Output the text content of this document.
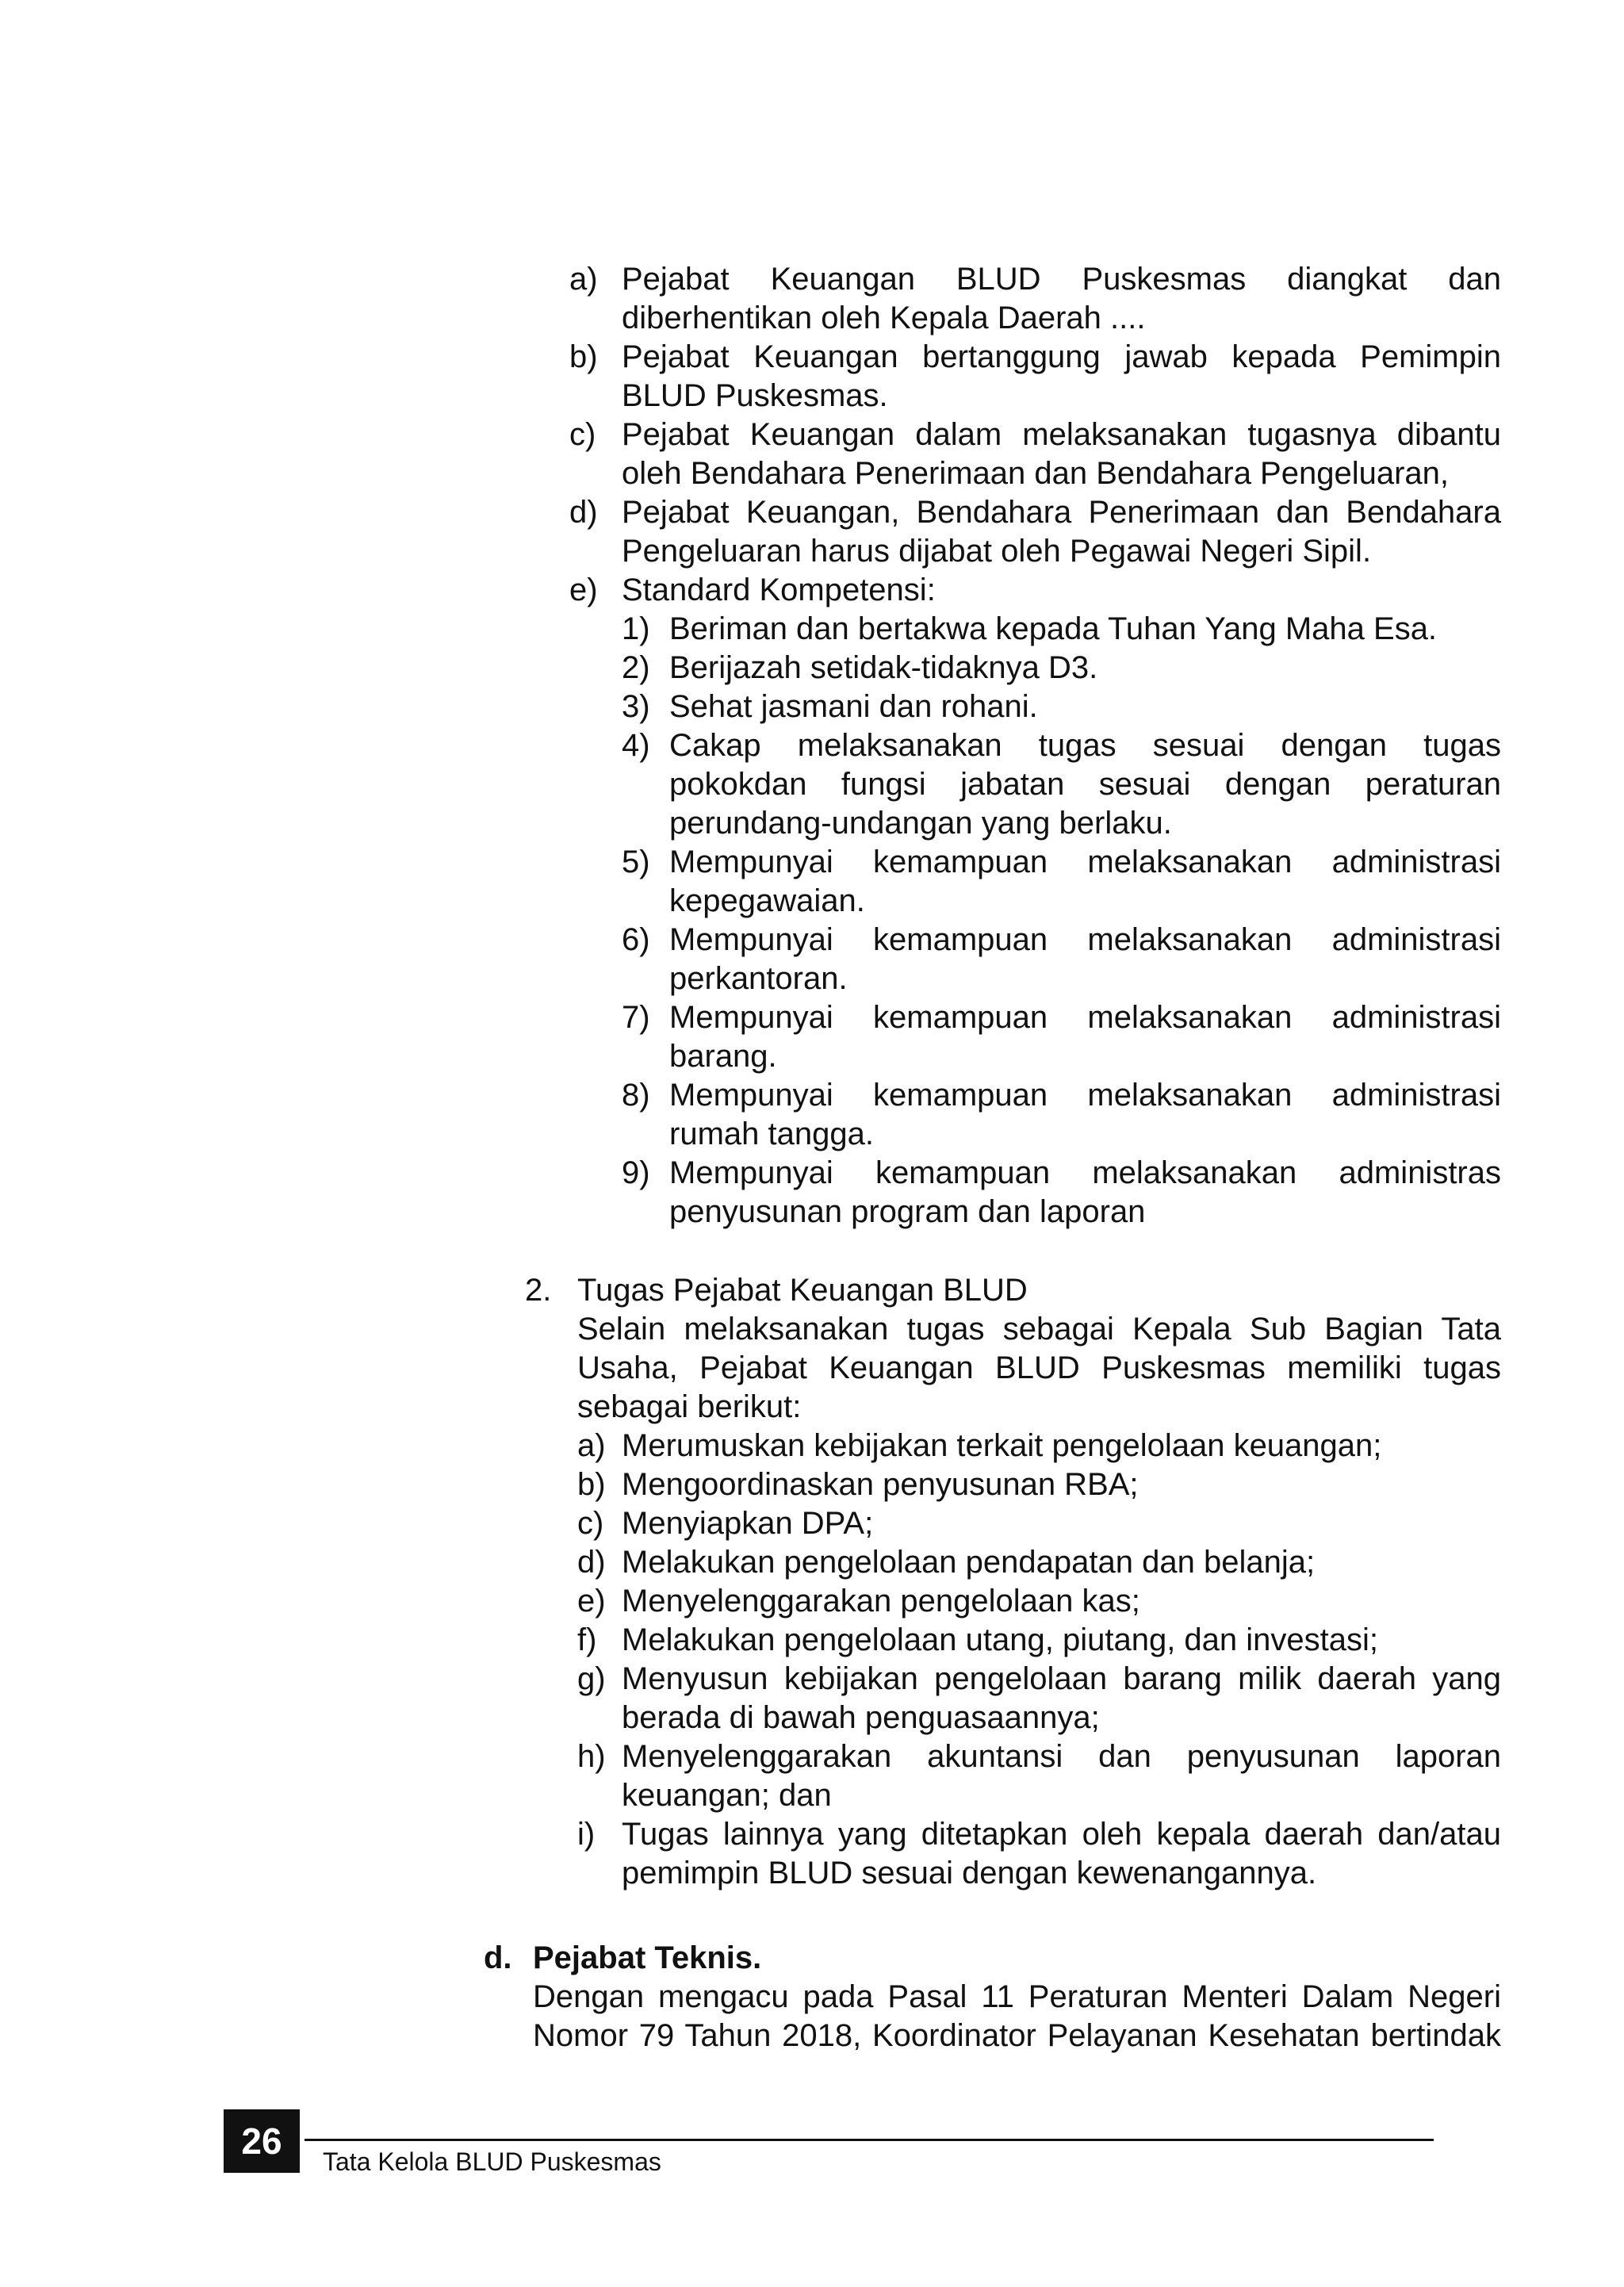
a) Pejabat Keuangan BLUD Puskesmas diangkat dan diberhentikan oleh Kepala Daerah ....
b) Pejabat Keuangan bertanggung jawab kepada Pemimpin BLUD Puskesmas.
c) Pejabat Keuangan dalam melaksanakan tugasnya dibantu oleh Bendahara Penerimaan dan Bendahara Pengeluaran,
d) Pejabat Keuangan, Bendahara Penerimaan dan Bendahara Pengeluaran harus dijabat oleh Pegawai Negeri Sipil.
e) Standard Kompetensi:
1) Beriman dan bertakwa kepada Tuhan Yang Maha Esa.
2) Berijazah setidak-tidaknya D3.
3) Sehat jasmani dan rohani.
4) Cakap melaksanakan tugas sesuai dengan tugas pokokdan fungsi jabatan sesuai dengan peraturan perundang-undangan yang berlaku.
5) Mempunyai kemampuan melaksanakan administrasi kepegawaian.
6) Mempunyai kemampuan melaksanakan administrasi perkantoran.
7) Mempunyai kemampuan melaksanakan administrasi barang.
8) Mempunyai kemampuan melaksanakan administrasi rumah tangga.
9) Mempunyai kemampuan melaksanakan administras penyusunan program dan laporan
2. Tugas Pejabat Keuangan BLUD
Selain melaksanakan tugas sebagai Kepala Sub Bagian Tata Usaha, Pejabat Keuangan BLUD Puskesmas memiliki tugas sebagai berikut:
a) Merumuskan kebijakan terkait pengelolaan keuangan;
b) Mengoordinaskan penyusunan RBA;
c) Menyiapkan DPA;
d) Melakukan pengelolaan pendapatan dan belanja;
e) Menyelenggarakan pengelolaan kas;
f) Melakukan pengelolaan utang, piutang, dan investasi;
g) Menyusun kebijakan pengelolaan barang milik daerah yang berada di bawah penguasaannya;
h) Menyelenggarakan akuntansi dan penyusunan laporan keuangan; dan
i) Tugas lainnya yang ditetapkan oleh kepala daerah dan/atau pemimpin BLUD sesuai dengan kewenangannya.
d. Pejabat Teknis.
Dengan mengacu pada Pasal 11 Peraturan Menteri Dalam Negeri Nomor 79 Tahun 2018, Koordinator Pelayanan Kesehatan bertindak
26	Tata Kelola BLUD Puskesmas
